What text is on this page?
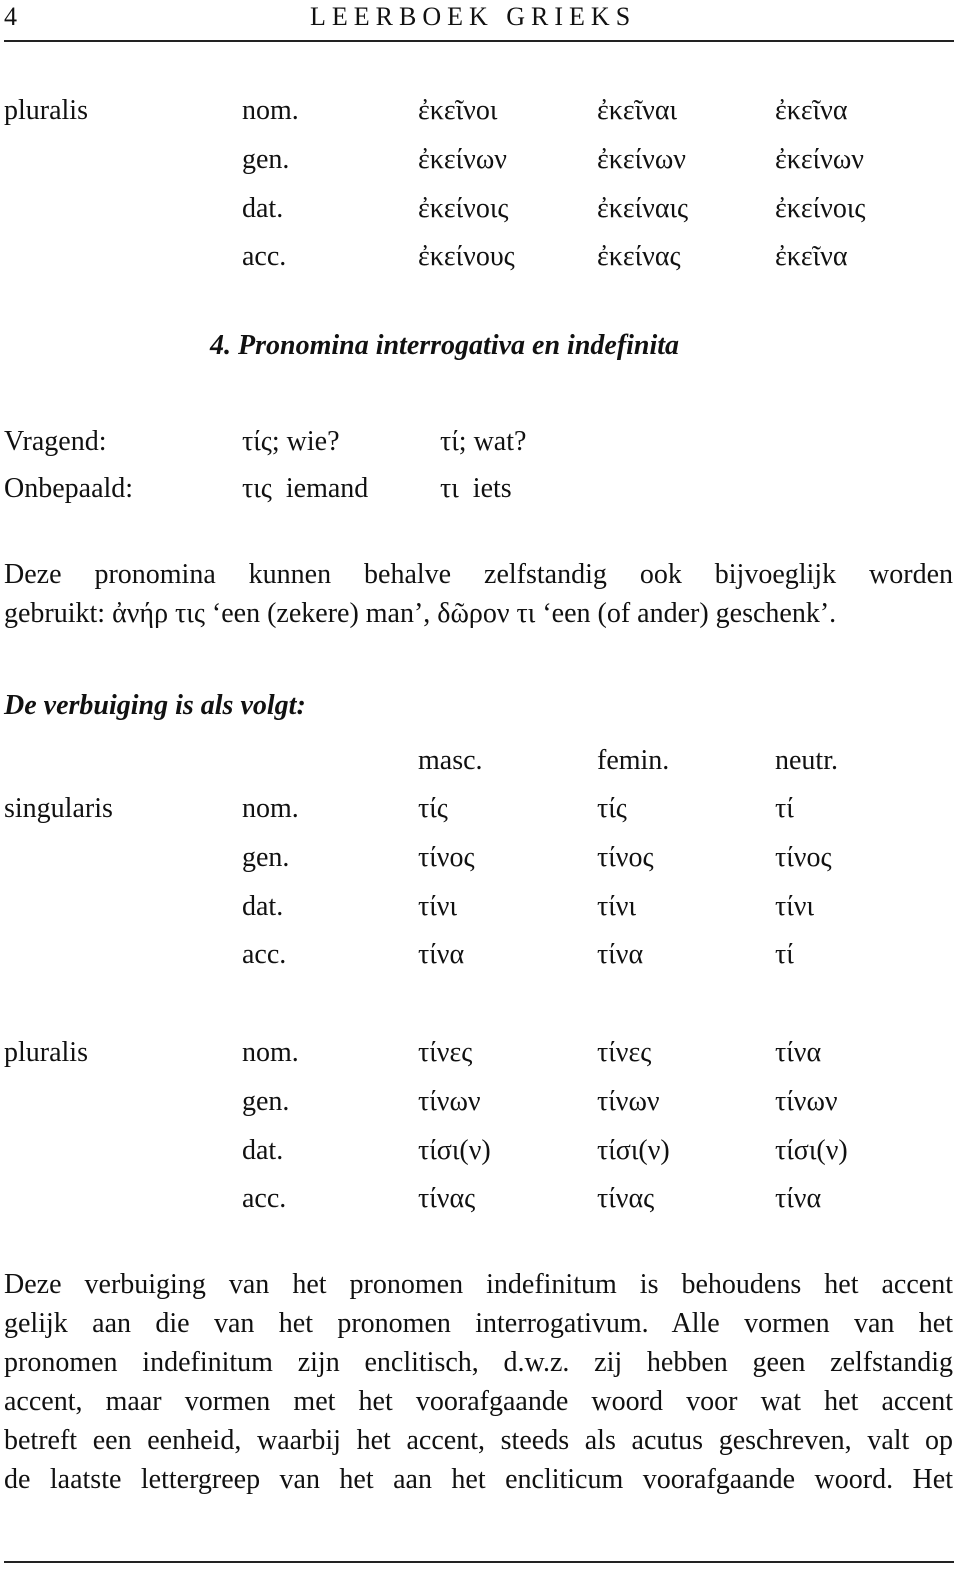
4	LEERBOEK GRIEKS
pluralis	nom.	ἐκεῖνοι	ἐκεῖναι	ἐκεῖνα
gen.	ἐκείνων	ἐκείνων	ἐκείνων
dat.	ἐκείνοις	ἐκείναις	ἐκείνοις
acc.	ἐκείνους	ἐκείνας	ἐκεῖνα
4. Pronomina interrogativa en indefinita
Vragend:	τίς; wie?	τί; wat?
Onbepaald:	τις  iemand	τι  iets
Deze pronomina kunnen behalve zelfstandig ook bijvoeglijk worden
gebruikt: ἀνήρ τις ‘een (zekere) man’, δῶρον τι ‘een (of ander) geschenk’.
De verbuiging is als volgt:
masc.	femin.	neutr.
singularis	nom.	τίς	τίς	τί
gen.	τίνος	τίνος	τίνος
dat.	τίνι	τίνι	τίνι
acc.	τίνα	τίνα	τί
pluralis	nom.	τίνες	τίνες	τίνα
gen.	τίνων	τίνων	τίνων
dat.	τίσι(ν)	τίσι(ν)	τίσι(ν)
acc.	τίνας	τίνας	τίνα
Deze verbuiging van het pronomen indefinitum is behoudens het accent
gelijk aan die van het pronomen interrogativum. Alle vormen van het
pronomen indefinitum zijn enclitisch, d.w.z. zij hebben geen zelfstandig
accent, maar vormen met het voorafgaande woord voor wat het accent
betreft een eenheid, waarbij het accent, steeds als acutus geschreven, valt op
de laatste lettergreep van het aan het encliticum voorafgaande woord. Het
